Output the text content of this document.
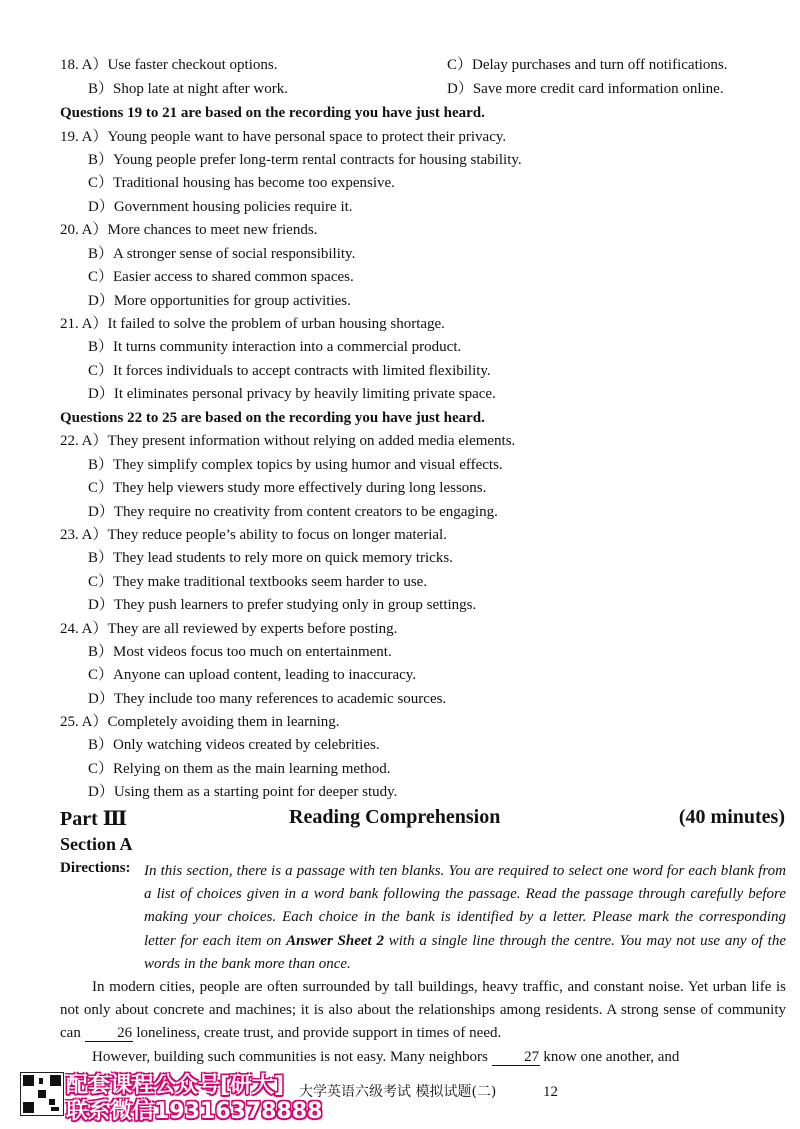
18. A）Use faster checkout options.	C）Delay purchases and turn off notifications.
B）Shop late at night after work.	D）Save more credit card information online.
Questions 19 to 21 are based on the recording you have just heard.
19. A）Young people want to have personal space to protect their privacy.
B）Young people prefer long-term rental contracts for housing stability.
C）Traditional housing has become too expensive.
D）Government housing policies require it.
20. A）More chances to meet new friends.
B）A stronger sense of social responsibility.
C）Easier access to shared common spaces.
D）More opportunities for group activities.
21. A）It failed to solve the problem of urban housing shortage.
B）It turns community interaction into a commercial product.
C）It forces individuals to accept contracts with limited flexibility.
D）It eliminates personal privacy by heavily limiting private space.
Questions 22 to 25 are based on the recording you have just heard.
22. A）They present information without relying on added media elements.
B）They simplify complex topics by using humor and visual effects.
C）They help viewers study more effectively during long lessons.
D）They require no creativity from content creators to be engaging.
23. A）They reduce people’s ability to focus on longer material.
B）They lead students to rely more on quick memory tricks.
C）They make traditional textbooks seem harder to use.
D）They push learners to prefer studying only in group settings.
24. A）They are all reviewed by experts before posting.
B）Most videos focus too much on entertainment.
C）Anyone can upload content, leading to inaccuracy.
D）They include too many references to academic sources.
25. A）Completely avoiding them in learning.
B）Only watching videos created by celebrities.
C）Relying on them as the main learning method.
D）Using them as a starting point for deeper study.
Part Ⅲ	Reading Comprehension	(40 minutes)
Section A
Directions: In this section, there is a passage with ten blanks. You are required to select one word for each blank from a list of choices given in a word bank following the passage. Read the passage through carefully before making your choices. Each choice in the bank is identified by a letter. Please mark the corresponding letter for each item on Answer Sheet 2 with a single line through the centre. You may not use any of the words in the bank more than once.
In modern cities, people are often surrounded by tall buildings, heavy traffic, and constant noise. Yet urban life is not only about concrete and machines; it is also about the relationships among residents. A strong sense of community can 26 loneliness, create trust, and provide support in times of need.
However, building such communities is not easy. Many neighbors 27 know one another, and
配套课程公众号[研大]
联系微信19316378888
大学英语六级考试 模拟试题(二)	12
